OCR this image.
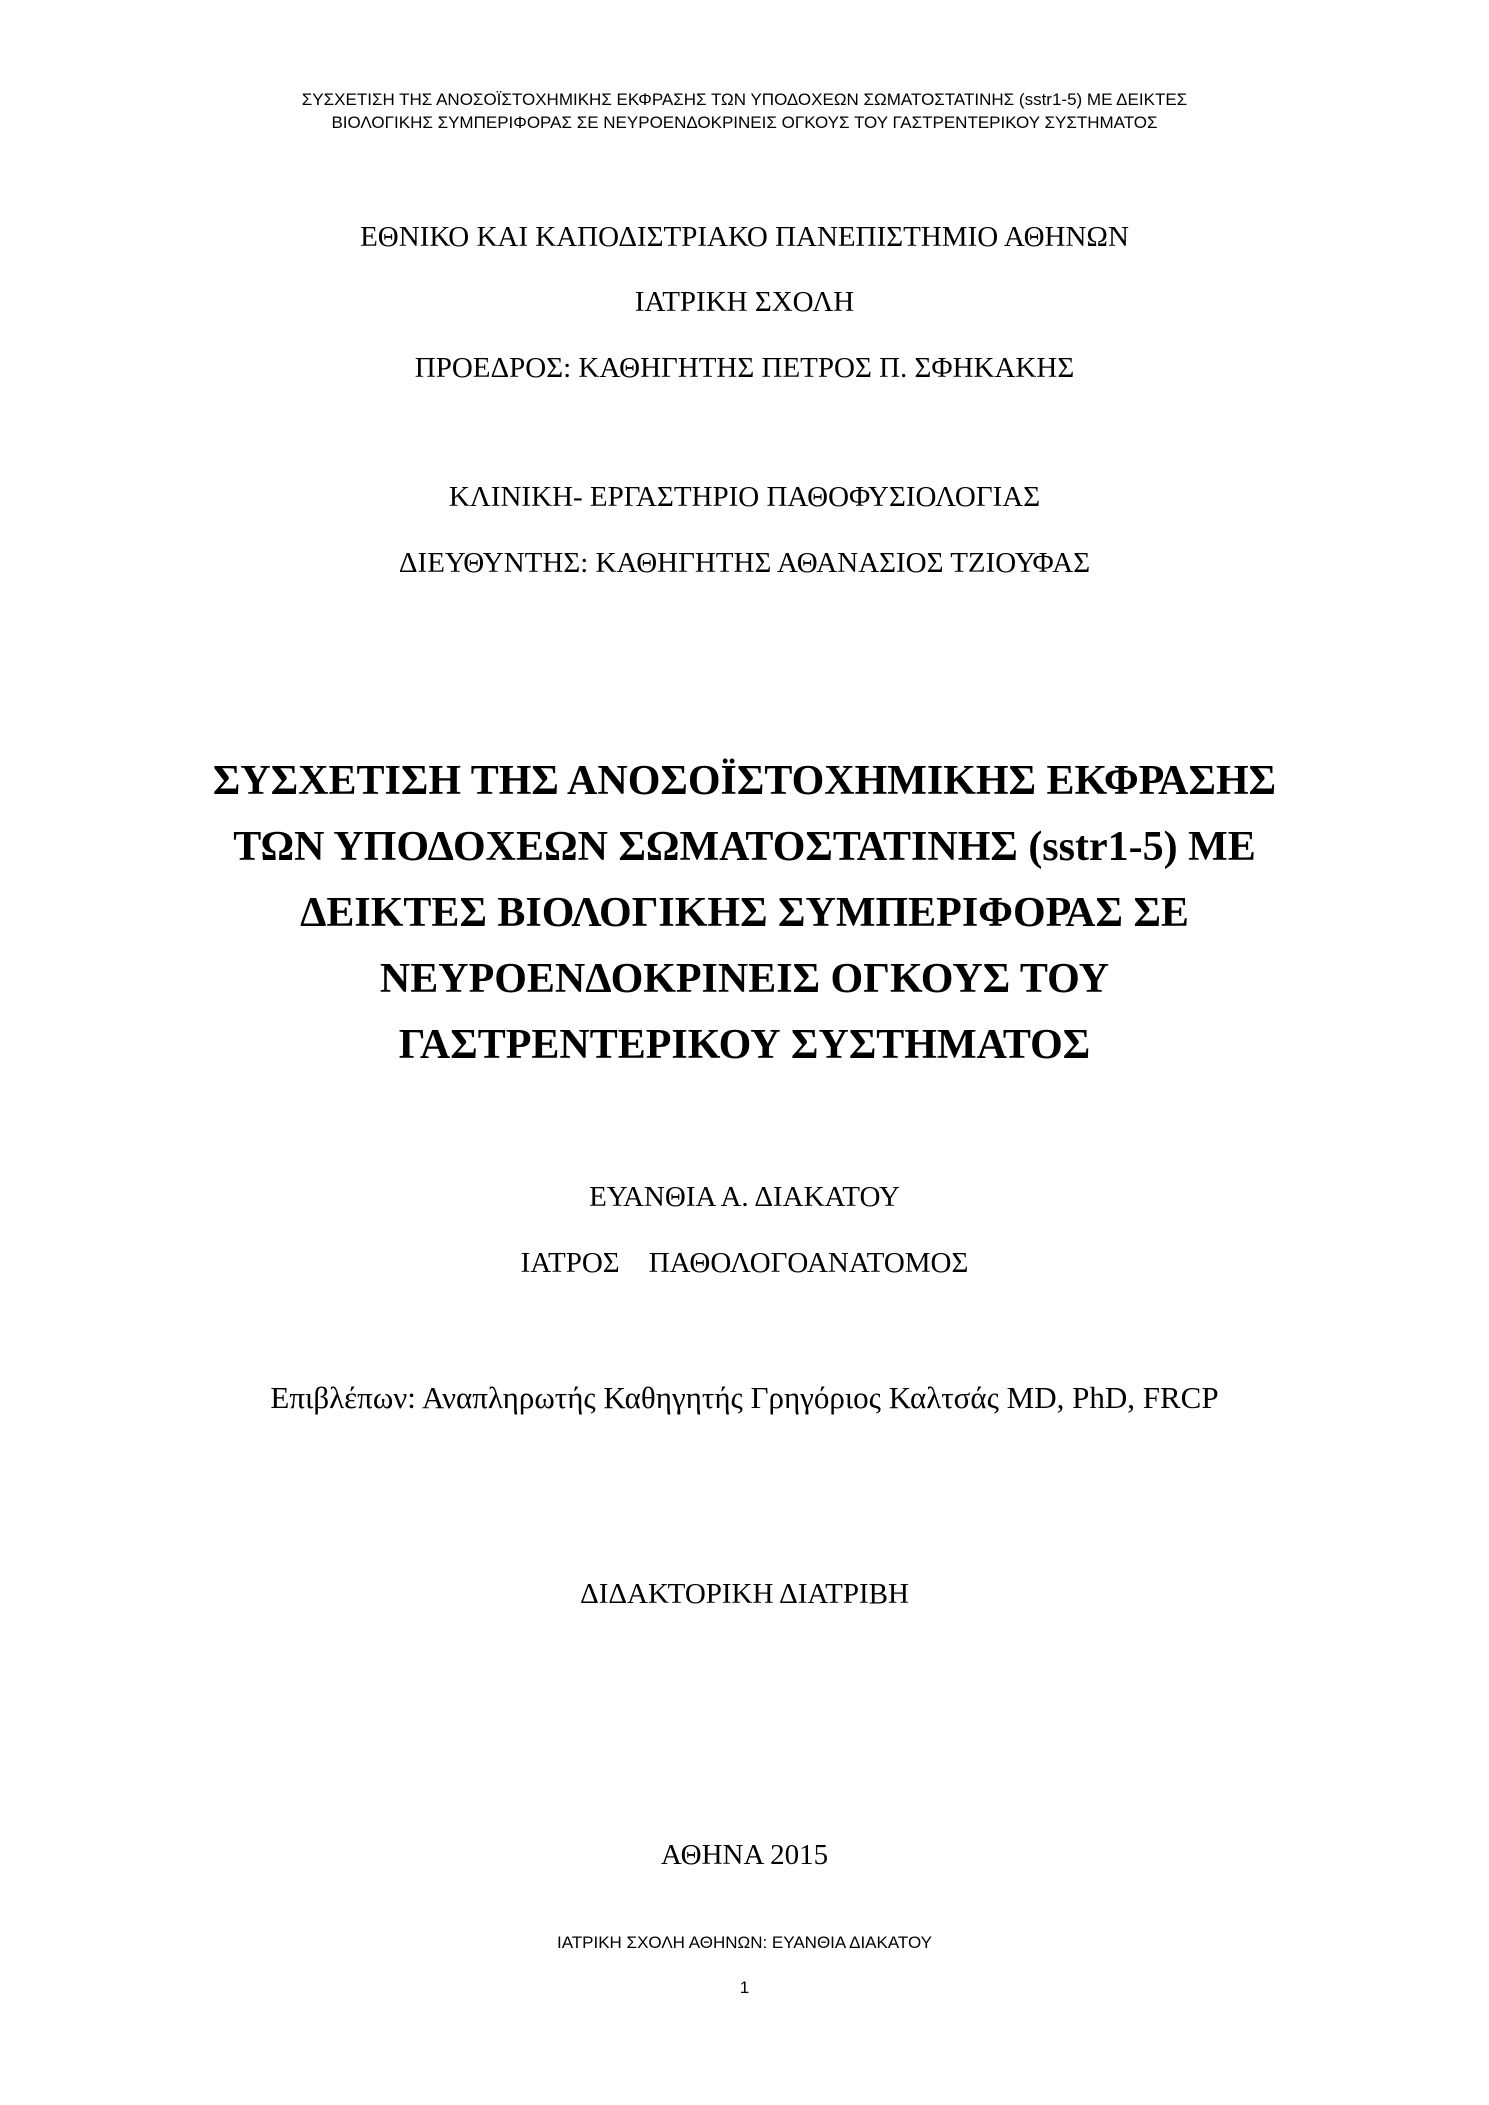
ΣΥΣΧΕΤΙΣΗ ΤΗΣ ΑΝΟΣΟΪΣΤΟΧΗΜΙΚΗΣ ΕΚΦΡΑΣΗΣ ΤΩΝ ΥΠΟΔΟΧΕΩΝ ΣΩΜΑΤΟΣΤΑΤΙΝΗΣ (sstr1-5) ΜΕ ΔΕΙΚΤΕΣ
ΒΙΟΛΟΓΙΚΗΣ ΣΥΜΠΕΡΙΦΟΡΑΣ ΣΕ ΝΕΥΡΟΕΝΔΟΚΡΙΝΕΙΣ ΟΓΚΟΥΣ ΤΟΥ ΓΑΣΤΡΕΝΤΕΡΙΚΟΥ ΣΥΣΤΗΜΑΤΟΣ
ΕΘΝΙΚΟ ΚΑΙ ΚΑΠΟΔΙΣΤΡΙΑΚΟ ΠΑΝΕΠΙΣΤΗΜΙΟ ΑΘΗΝΩΝ
ΙΑΤΡΙΚΗ ΣΧΟΛΗ
ΠΡΟΕΔΡΟΣ: ΚΑΘΗΓΗΤΗΣ ΠΕΤΡΟΣ Π. ΣΦΗΚΑΚΗΣ
ΚΛΙΝΙΚΗ- ΕΡΓΑΣΤΗΡΙΟ ΠΑΘΟΦΥΣΙΟΛΟΓΙΑΣ
ΔΙΕΥΘΥΝΤΗΣ: ΚΑΘΗΓΗΤΗΣ ΑΘΑΝΑΣΙΟΣ ΤΖΙΟΥΦΑΣ
ΣΥΣΧΕΤΙΣΗ ΤΗΣ ΑΝΟΣΟΪΣΤΟΧΗΜΙΚΗΣ ΕΚΦΡΑΣΗΣ
ΤΩΝ ΥΠΟΔΟΧΕΩΝ ΣΩΜΑΤΟΣΤΑΤΙΝΗΣ (sstr1-5) ΜΕ
ΔΕΙΚΤΕΣ ΒΙΟΛΟΓΙΚΗΣ ΣΥΜΠΕΡΙΦΟΡΑΣ ΣΕ
ΝΕΥΡΟΕΝΔΟΚΡΙΝΕΙΣ ΟΓΚΟΥΣ ΤΟΥ
ΓΑΣΤΡΕΝΤΕΡΙΚΟΥ ΣΥΣΤΗΜΑΤΟΣ
ΕΥΑΝΘΙΑ Α. ΔΙΑΚΑΤΟΥ
ΙΑΤΡΟΣ    ΠΑΘΟΛΟΓΟΑΝΑΤΟΜΟΣ
Επιβλέπων: Αναπληρωτής Καθηγητής Γρηγόριος Καλτσάς MD, PhD, FRCP
ΔΙΔΑΚΤΟΡΙΚΗ ΔΙΑΤΡΙΒΗ
ΑΘΗΝΑ 2015
ΙΑΤΡΙΚΗ ΣΧΟΛΗ ΑΘΗΝΩΝ: ΕΥΑΝΘΙΑ ΔΙΑΚΑΤΟΥ
1
